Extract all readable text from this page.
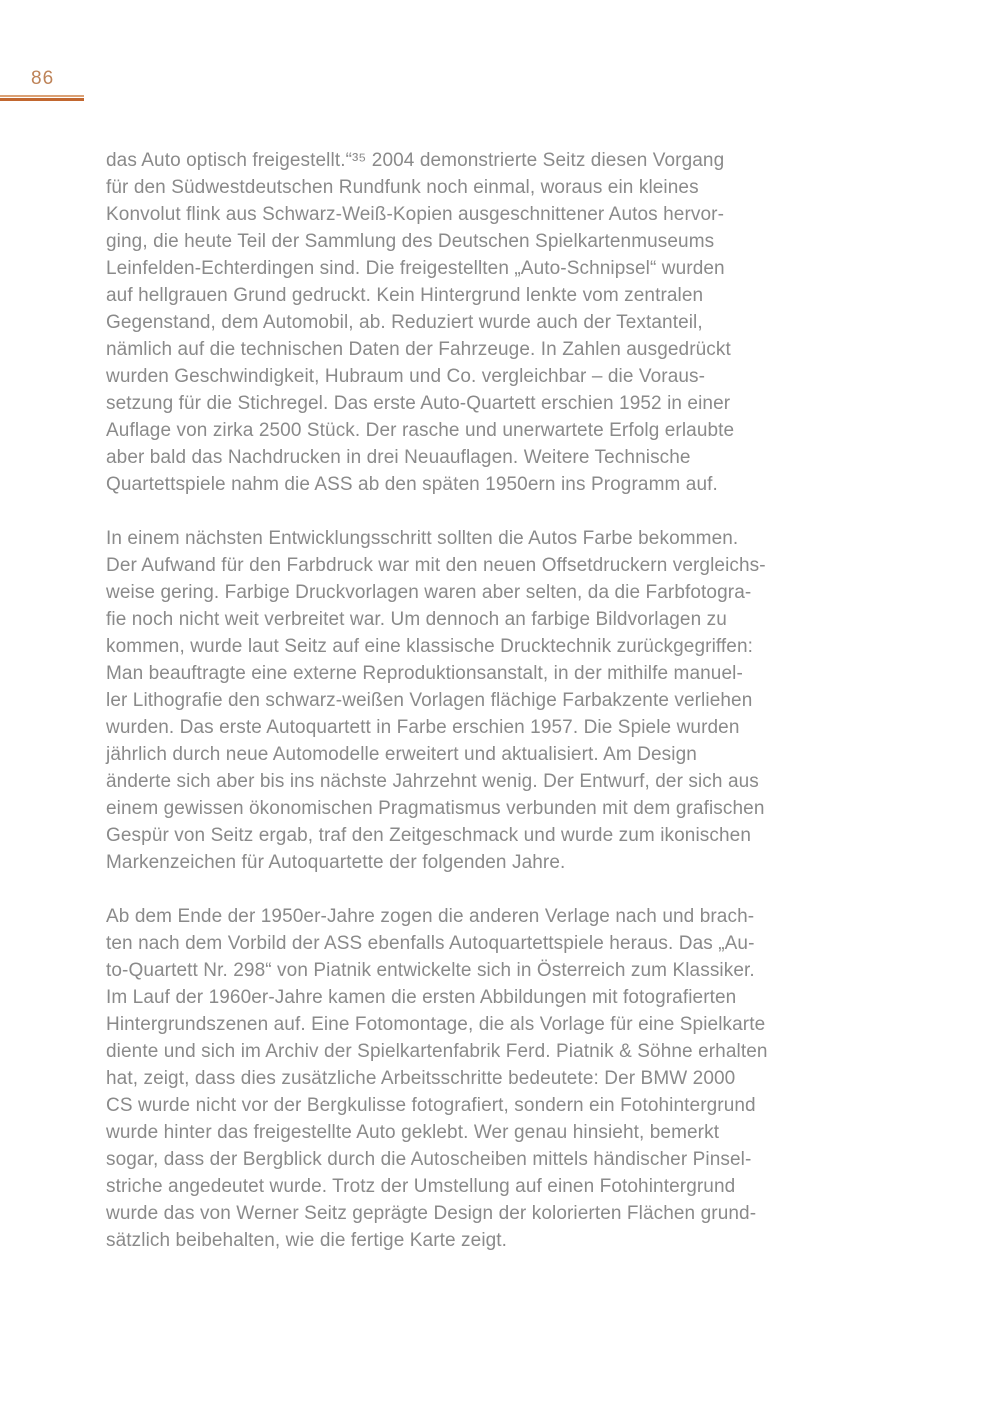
86
das Auto optisch freigestellt.“³⁵ 2004 demonstrierte Seitz diesen Vorgang
für den Südwestdeutschen Rundfunk noch einmal, woraus ein kleines
Konvolut flink aus Schwarz-Weiß-Kopien ausgeschnittener Autos hervor-
ging, die heute Teil der Sammlung des Deutschen Spielkartenmuseums
Leinfelden-Echterdingen sind. Die freigestellten „Auto-Schnipsel“ wurden
auf hellgrauen Grund gedruckt. Kein Hintergrund lenkte vom zentralen
Gegenstand, dem Automobil, ab. Reduziert wurde auch der Textanteil,
nämlich auf die technischen Daten der Fahrzeuge. In Zahlen ausgedrückt
wurden Geschwindigkeit, Hubraum und Co. vergleichbar – die Voraus-
setzung für die Stichregel. Das erste Auto-Quartett erschien 1952 in einer
Auflage von zirka 2500 Stück. Der rasche und unerwartete Erfolg erlaubte
aber bald das Nachdrucken in drei Neuauflagen. Weitere Technische
Quartettspiele nahm die ASS ab den späten 1950ern ins Programm auf.
In einem nächsten Entwicklungsschritt sollten die Autos Farbe bekommen.
Der Aufwand für den Farbdruck war mit den neuen Offsetdruckern vergleichs-
weise gering. Farbige Druckvorlagen waren aber selten, da die Farbfotogra-
fie noch nicht weit verbreitet war. Um dennoch an farbige Bildvorlagen zu
kommen, wurde laut Seitz auf eine klassische Drucktechnik zurückgegriffen:
Man beauftragte eine externe Reproduktionsanstalt, in der mithilfe manuel-
ler Lithografie den schwarz-weißen Vorlagen flächige Farbakzente verliehen
wurden. Das erste Autoquartett in Farbe erschien 1957. Die Spiele wurden
jährlich durch neue Automodelle erweitert und aktualisiert. Am Design
änderte sich aber bis ins nächste Jahrzehnt wenig. Der Entwurf, der sich aus
einem gewissen ökonomischen Pragmatismus verbunden mit dem grafischen
Gespür von Seitz ergab, traf den Zeitgeschmack und wurde zum ikonischen
Markenzeichen für Autoquartette der folgenden Jahre.
Ab dem Ende der 1950er-Jahre zogen die anderen Verlage nach und brach-
ten nach dem Vorbild der ASS ebenfalls Autoquartettspiele heraus. Das „Au-
to-Quartett Nr. 298“ von Piatnik entwickelte sich in Österreich zum Klassiker.
Im Lauf der 1960er-Jahre kamen die ersten Abbildungen mit fotografierten
Hintergrundszenen auf. Eine Fotomontage, die als Vorlage für eine Spielkarte
diente und sich im Archiv der Spielkartenfabrik Ferd. Piatnik & Söhne erhalten
hat, zeigt, dass dies zusätzliche Arbeitsschritte bedeutete: Der BMW 2000
CS wurde nicht vor der Bergkulisse fotografiert, sondern ein Fotohintergrund
wurde hinter das freigestellte Auto geklebt. Wer genau hinsieht, bemerkt
sogar, dass der Bergblick durch die Autoscheiben mittels händischer Pinsel-
striche angedeutet wurde. Trotz der Umstellung auf einen Fotohintergrund
wurde das von Werner Seitz geprägte Design der kolorierten Flächen grund-
sätzlich beibehalten, wie die fertige Karte zeigt.
